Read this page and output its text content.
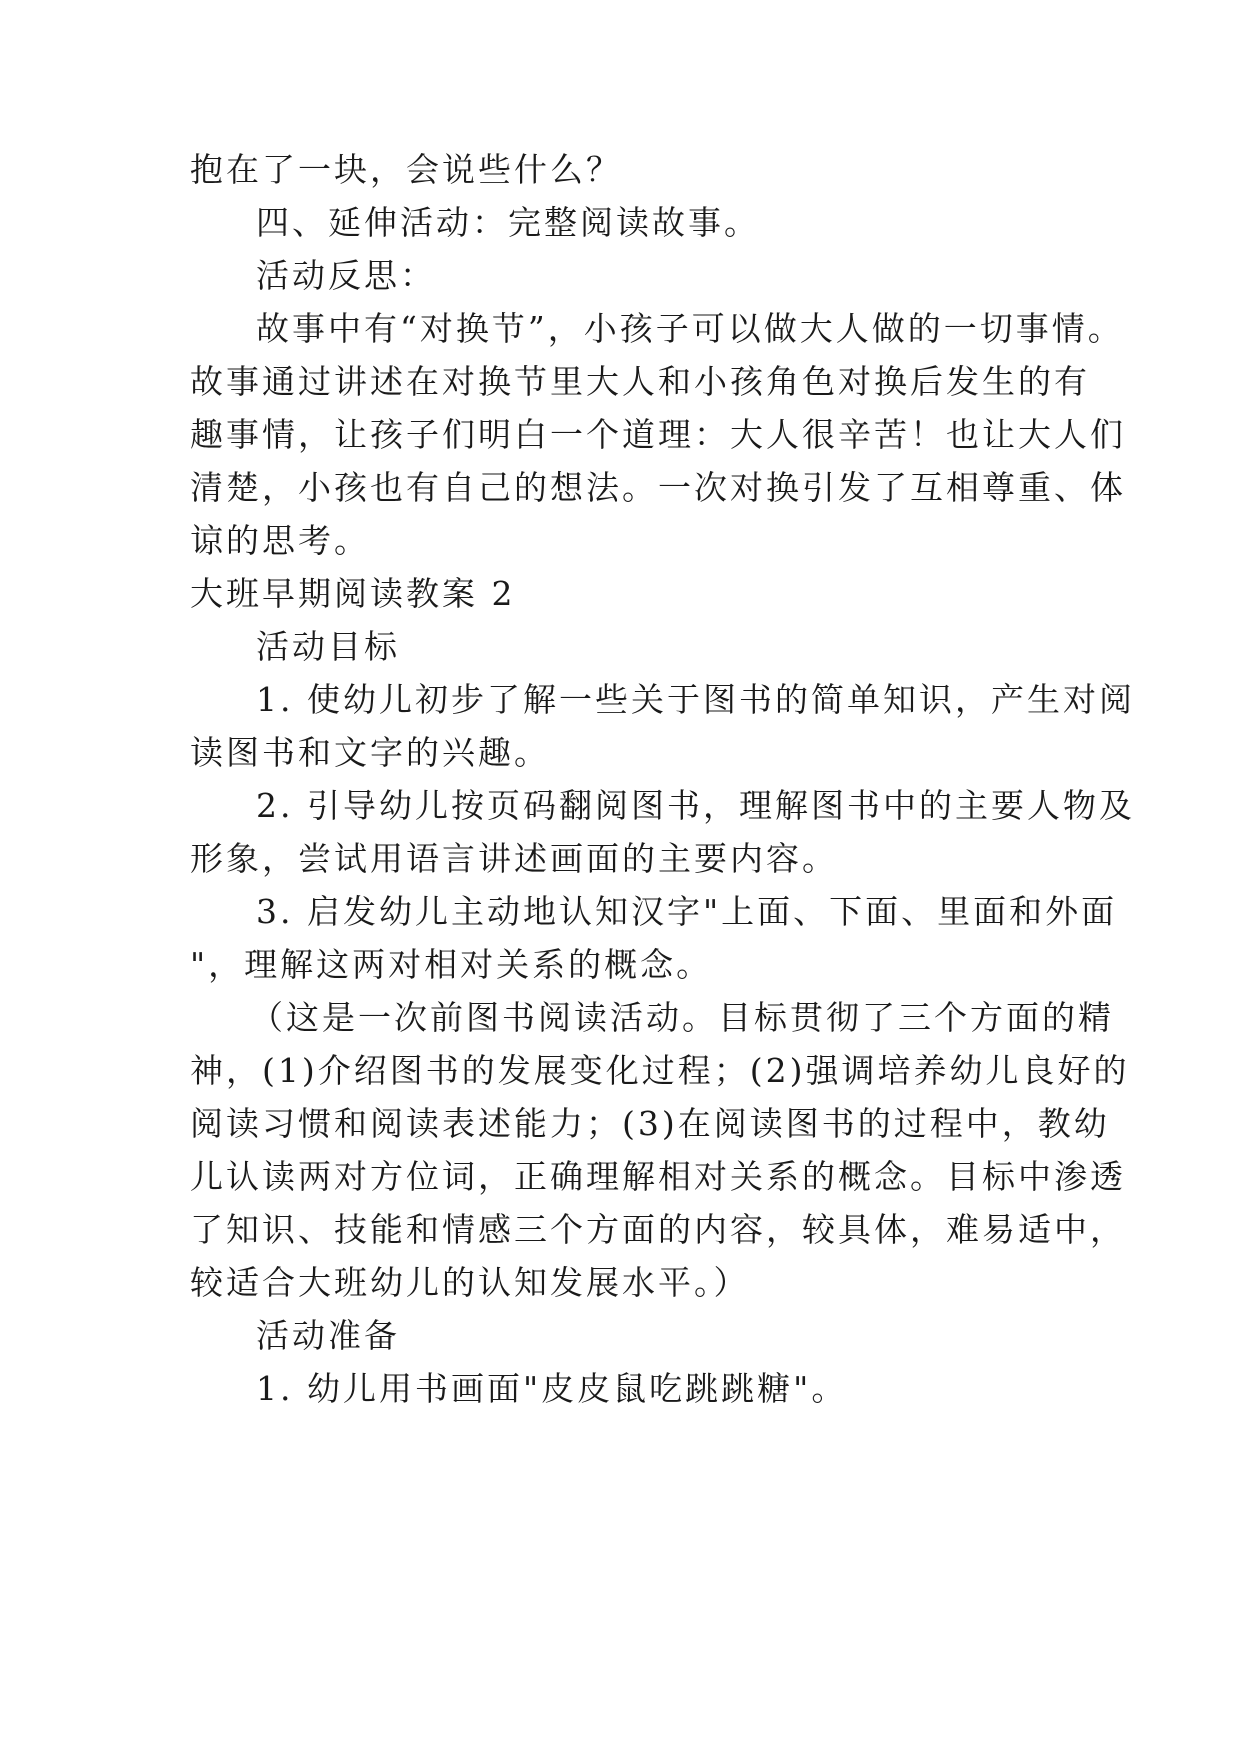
抱在了一块，会说些什么？
四、延伸活动：完整阅读故事。
活动反思：
故事中有“对换节”，小孩子可以做大人做的一切事情。
故事通过讲述在对换节里大人和小孩角色对换后发生的有
趣事情，让孩子们明白一个道理：大人很辛苦！也让大人们
清楚，小孩也有自己的想法。一次对换引发了互相尊重、体
谅的思考。
大班早期阅读教案 2
活动目标
1. 使幼儿初步了解一些关于图书的简单知识，产生对阅
读图书和文字的兴趣。
2. 引导幼儿按页码翻阅图书，理解图书中的主要人物及
形象，尝试用语言讲述画面的主要内容。
3. 启发幼儿主动地认知汉字"上面、下面、里面和外面
"，理解这两对相对关系的概念。
（这是一次前图书阅读活动。目标贯彻了三个方面的精
神，(1)介绍图书的发展变化过程；(2)强调培养幼儿良好的
阅读习惯和阅读表述能力；(3)在阅读图书的过程中，教幼
儿认读两对方位词，正确理解相对关系的概念。目标中渗透
了知识、技能和情感三个方面的内容，较具体，难易适中，
较适合大班幼儿的认知发展水平。）
活动准备
1. 幼儿用书画面"皮皮鼠吃跳跳糖"。
